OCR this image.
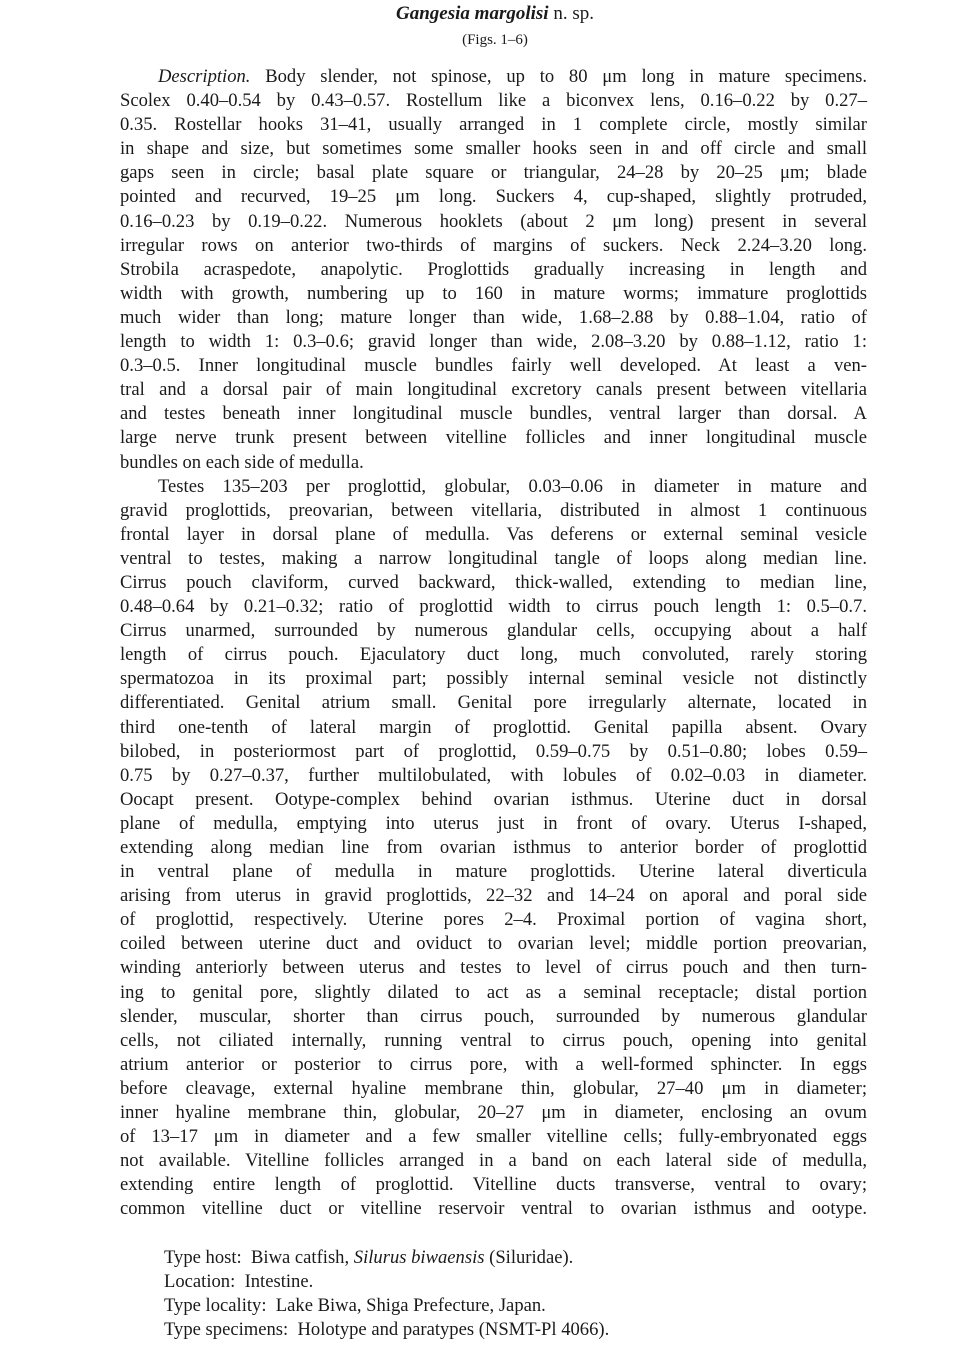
Gangesia margolisi n. sp.
(Figs. 1–6)
Description. Body slender, not spinose, up to 80 μm long in mature specimens.
Scolex 0.40–0.54 by 0.43–0.57. Rostellum like a biconvex lens, 0.16–0.22 by 0.27–
0.35. Rostellar hooks 31–41, usually arranged in 1 complete circle, mostly similar
in shape and size, but sometimes some smaller hooks seen in and off circle and small
gaps seen in circle; basal plate square or triangular, 24–28 by 20–25 μm; blade
pointed and recurved, 19–25 μm long. Suckers 4, cup-shaped, slightly protruded,
0.16–0.23 by 0.19–0.22. Numerous hooklets (about 2 μm long) present in several
irregular rows on anterior two-thirds of margins of suckers. Neck 2.24–3.20 long.
Strobila acraspedote, anapolytic. Proglottids gradually increasing in length and
width with growth, numbering up to 160 in mature worms; immature proglottids
much wider than long; mature longer than wide, 1.68–2.88 by 0.88–1.04, ratio of
length to width 1: 0.3–0.6; gravid longer than wide, 2.08–3.20 by 0.88–1.12, ratio 1:
0.3–0.5. Inner longitudinal muscle bundles fairly well developed. At least a ven-
tral and a dorsal pair of main longitudinal excretory canals present between vitellaria
and testes beneath inner longitudinal muscle bundles, ventral larger than dorsal. A
large nerve trunk present between vitelline follicles and inner longitudinal muscle
bundles on each side of medulla.
Testes 135–203 per proglottid, globular, 0.03–0.06 in diameter in mature and
gravid proglottids, preovarian, between vitellaria, distributed in almost 1 continuous
frontal layer in dorsal plane of medulla. Vas deferens or external seminal vesicle
ventral to testes, making a narrow longitudinal tangle of loops along median line.
Cirrus pouch claviform, curved backward, thick-walled, extending to median line,
0.48–0.64 by 0.21–0.32; ratio of proglottid width to cirrus pouch length 1: 0.5–0.7.
Cirrus unarmed, surrounded by numerous glandular cells, occupying about a half
length of cirrus pouch. Ejaculatory duct long, much convoluted, rarely storing
spermatozoa in its proximal part; possibly internal seminal vesicle not distinctly
differentiated. Genital atrium small. Genital pore irregularly alternate, located in
third one-tenth of lateral margin of proglottid. Genital papilla absent. Ovary
bilobed, in posteriormost part of proglottid, 0.59–0.75 by 0.51–0.80; lobes 0.59–
0.75 by 0.27–0.37, further multilobulated, with lobules of 0.02–0.03 in diameter.
Oocapt present. Ootype-complex behind ovarian isthmus. Uterine duct in dorsal
plane of medulla, emptying into uterus just in front of ovary. Uterus I-shaped,
extending along median line from ovarian isthmus to anterior border of proglottid
in ventral plane of medulla in mature proglottids. Uterine lateral diverticula
arising from uterus in gravid proglottids, 22–32 and 14–24 on aporal and poral side
of proglottid, respectively. Uterine pores 2–4. Proximal portion of vagina short,
coiled between uterine duct and oviduct to ovarian level; middle portion preovarian,
winding anteriorly between uterus and testes to level of cirrus pouch and then turn-
ing to genital pore, slightly dilated to act as a seminal receptacle; distal portion
slender, muscular, shorter than cirrus pouch, surrounded by numerous glandular
cells, not ciliated internally, running ventral to cirrus pouch, opening into genital
atrium anterior or posterior to cirrus pore, with a well-formed sphincter. In eggs
before cleavage, external hyaline membrane thin, globular, 27–40 μm in diameter;
inner hyaline membrane thin, globular, 20–27 μm in diameter, enclosing an ovum
of 13–17 μm in diameter and a few smaller vitelline cells; fully-embryonated eggs
not available. Vitelline follicles arranged in a band on each lateral side of medulla,
extending entire length of proglottid. Vitelline ducts transverse, ventral to ovary;
common vitelline duct or vitelline reservoir ventral to ovarian isthmus and ootype.
Type host:  Biwa catfish, Silurus biwaensis (Siluridae).
Location:  Intestine.
Type locality:  Lake Biwa, Shiga Prefecture, Japan.
Type specimens:  Holotype and paratypes (NSMT-Pl 4066).
